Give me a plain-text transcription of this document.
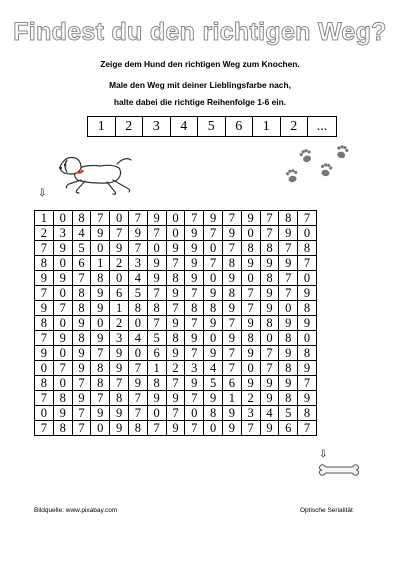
Findest du den richtigen Weg?
Zeige dem Hund den richtigen Weg zum Knochen.
Male den Weg mit deiner Lieblingsfarbe nach,
halte dabei die richtige Reihenfolge 1-6 ein.
1	2	3	4	5	6	1	2	...
⇩
1	0	8	7	0	7	9	0	7	9	7	9	7	8	7
2	3	4	9	7	9	7	0	9	7	9	0	7	9	0
7	9	5	0	9	7	0	9	9	0	7	8	8	7	8
8	0	6	1	2	3	9	7	9	7	8	9	9	9	7
9	9	7	8	0	4	9	8	9	0	9	0	8	7	0
7	0	8	9	6	5	7	9	7	9	8	7	9	7	9
9	7	8	9	1	8	8	7	8	8	9	7	9	0	8
8	0	9	0	2	0	7	9	7	9	7	9	8	9	9
7	9	8	9	3	4	5	8	9	0	9	8	0	8	0
9	0	9	7	9	0	6	9	7	9	7	9	7	9	8
0	7	9	8	9	7	1	2	3	4	7	0	7	8	9
8	0	7	8	7	9	8	7	9	5	6	9	9	9	7
7	8	9	7	8	7	9	9	7	9	1	2	9	8	9
0	9	7	9	9	7	0	7	0	8	9	3	4	5	8
7	8	7	0	9	8	7	9	7	0	9	7	9	6	7
⇩
Bildquelle: www.pixabay.com	Optische Serialität
